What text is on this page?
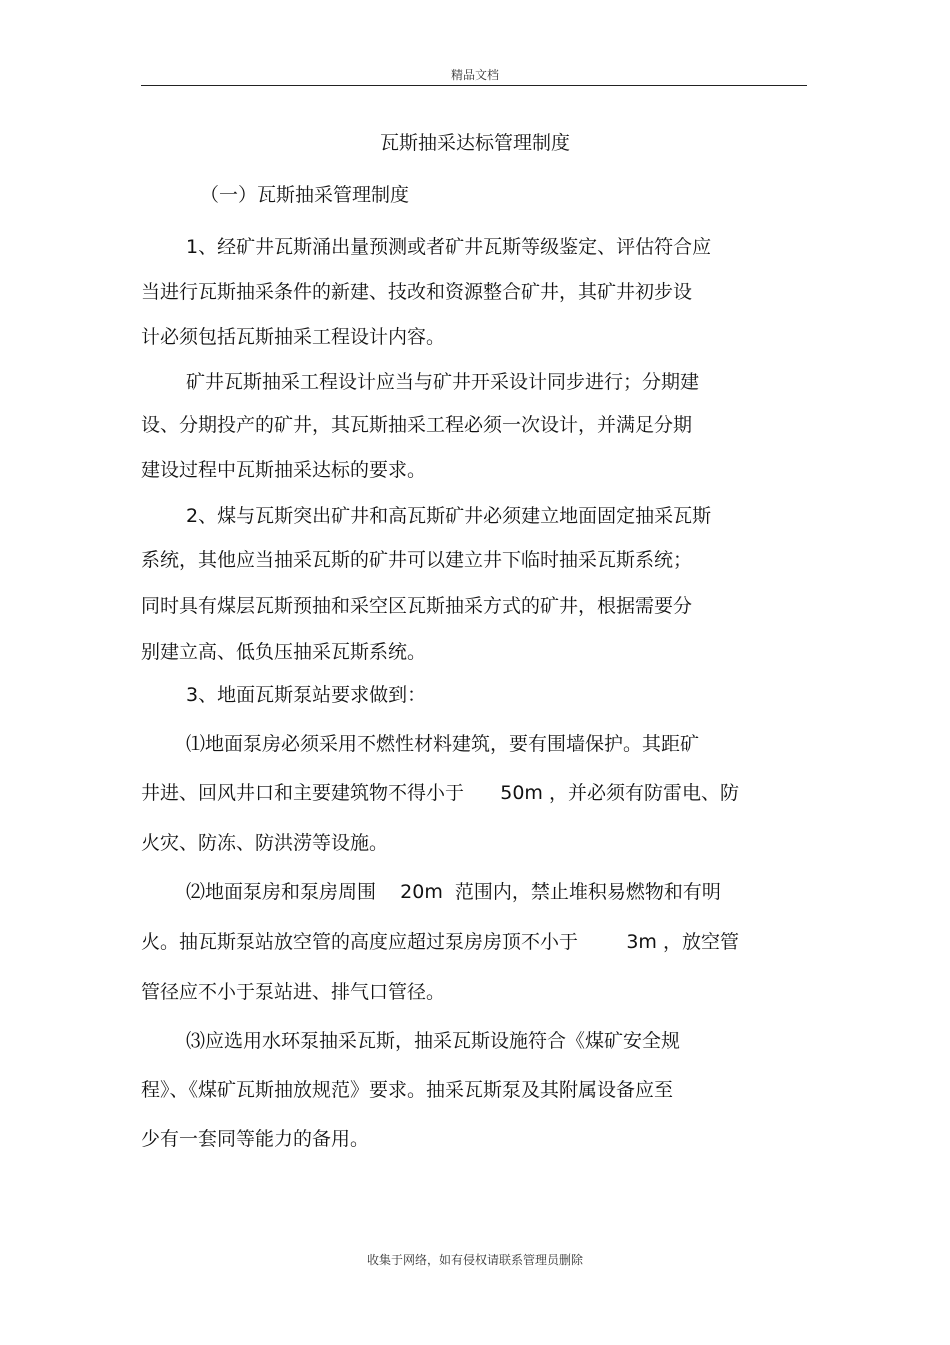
精品文档
瓦斯抽采达标管理制度
（一）瓦斯抽采管理制度
1、经矿井瓦斯涌出量预测或者矿井瓦斯等级鉴定、评估符合应
当进行瓦斯抽采条件的新建、技改和资源整合矿井，其矿井初步设
计必须包括瓦斯抽采工程设计内容。
矿井瓦斯抽采工程设计应当与矿井开采设计同步进行；分期建
设、分期投产的矿井，其瓦斯抽采工程必须一次设计，并满足分期
建设过程中瓦斯抽采达标的要求。
2、煤与瓦斯突出矿井和高瓦斯矿井必须建立地面固定抽采瓦斯
系统，其他应当抽采瓦斯的矿井可以建立井下临时抽采瓦斯系统；
同时具有煤层瓦斯预抽和采空区瓦斯抽采方式的矿井，根据需要分
别建立高、低负压抽采瓦斯系统。
3、地面瓦斯泵站要求做到：
⑴地面泵房必须采用不燃性材料建筑，要有围墙保护。其距矿
井进、回风井口和主要建筑物不得小于      50m ，并必须有防雷电、防
火灾、防冻、防洪涝等设施。
⑵地面泵房和泵房周围    20m  范围内，禁止堆积易燃物和有明
火。抽瓦斯泵站放空管的高度应超过泵房房顶不小于        3m ，放空管
管径应不小于泵站进、排气口管径。
⑶应选用水环泵抽采瓦斯，抽采瓦斯设施符合《煤矿安全规
程》、《煤矿瓦斯抽放规范》要求。抽采瓦斯泵及其附属设备应至
少有一套同等能力的备用。
收集于网络，如有侵权请联系管理员删除
